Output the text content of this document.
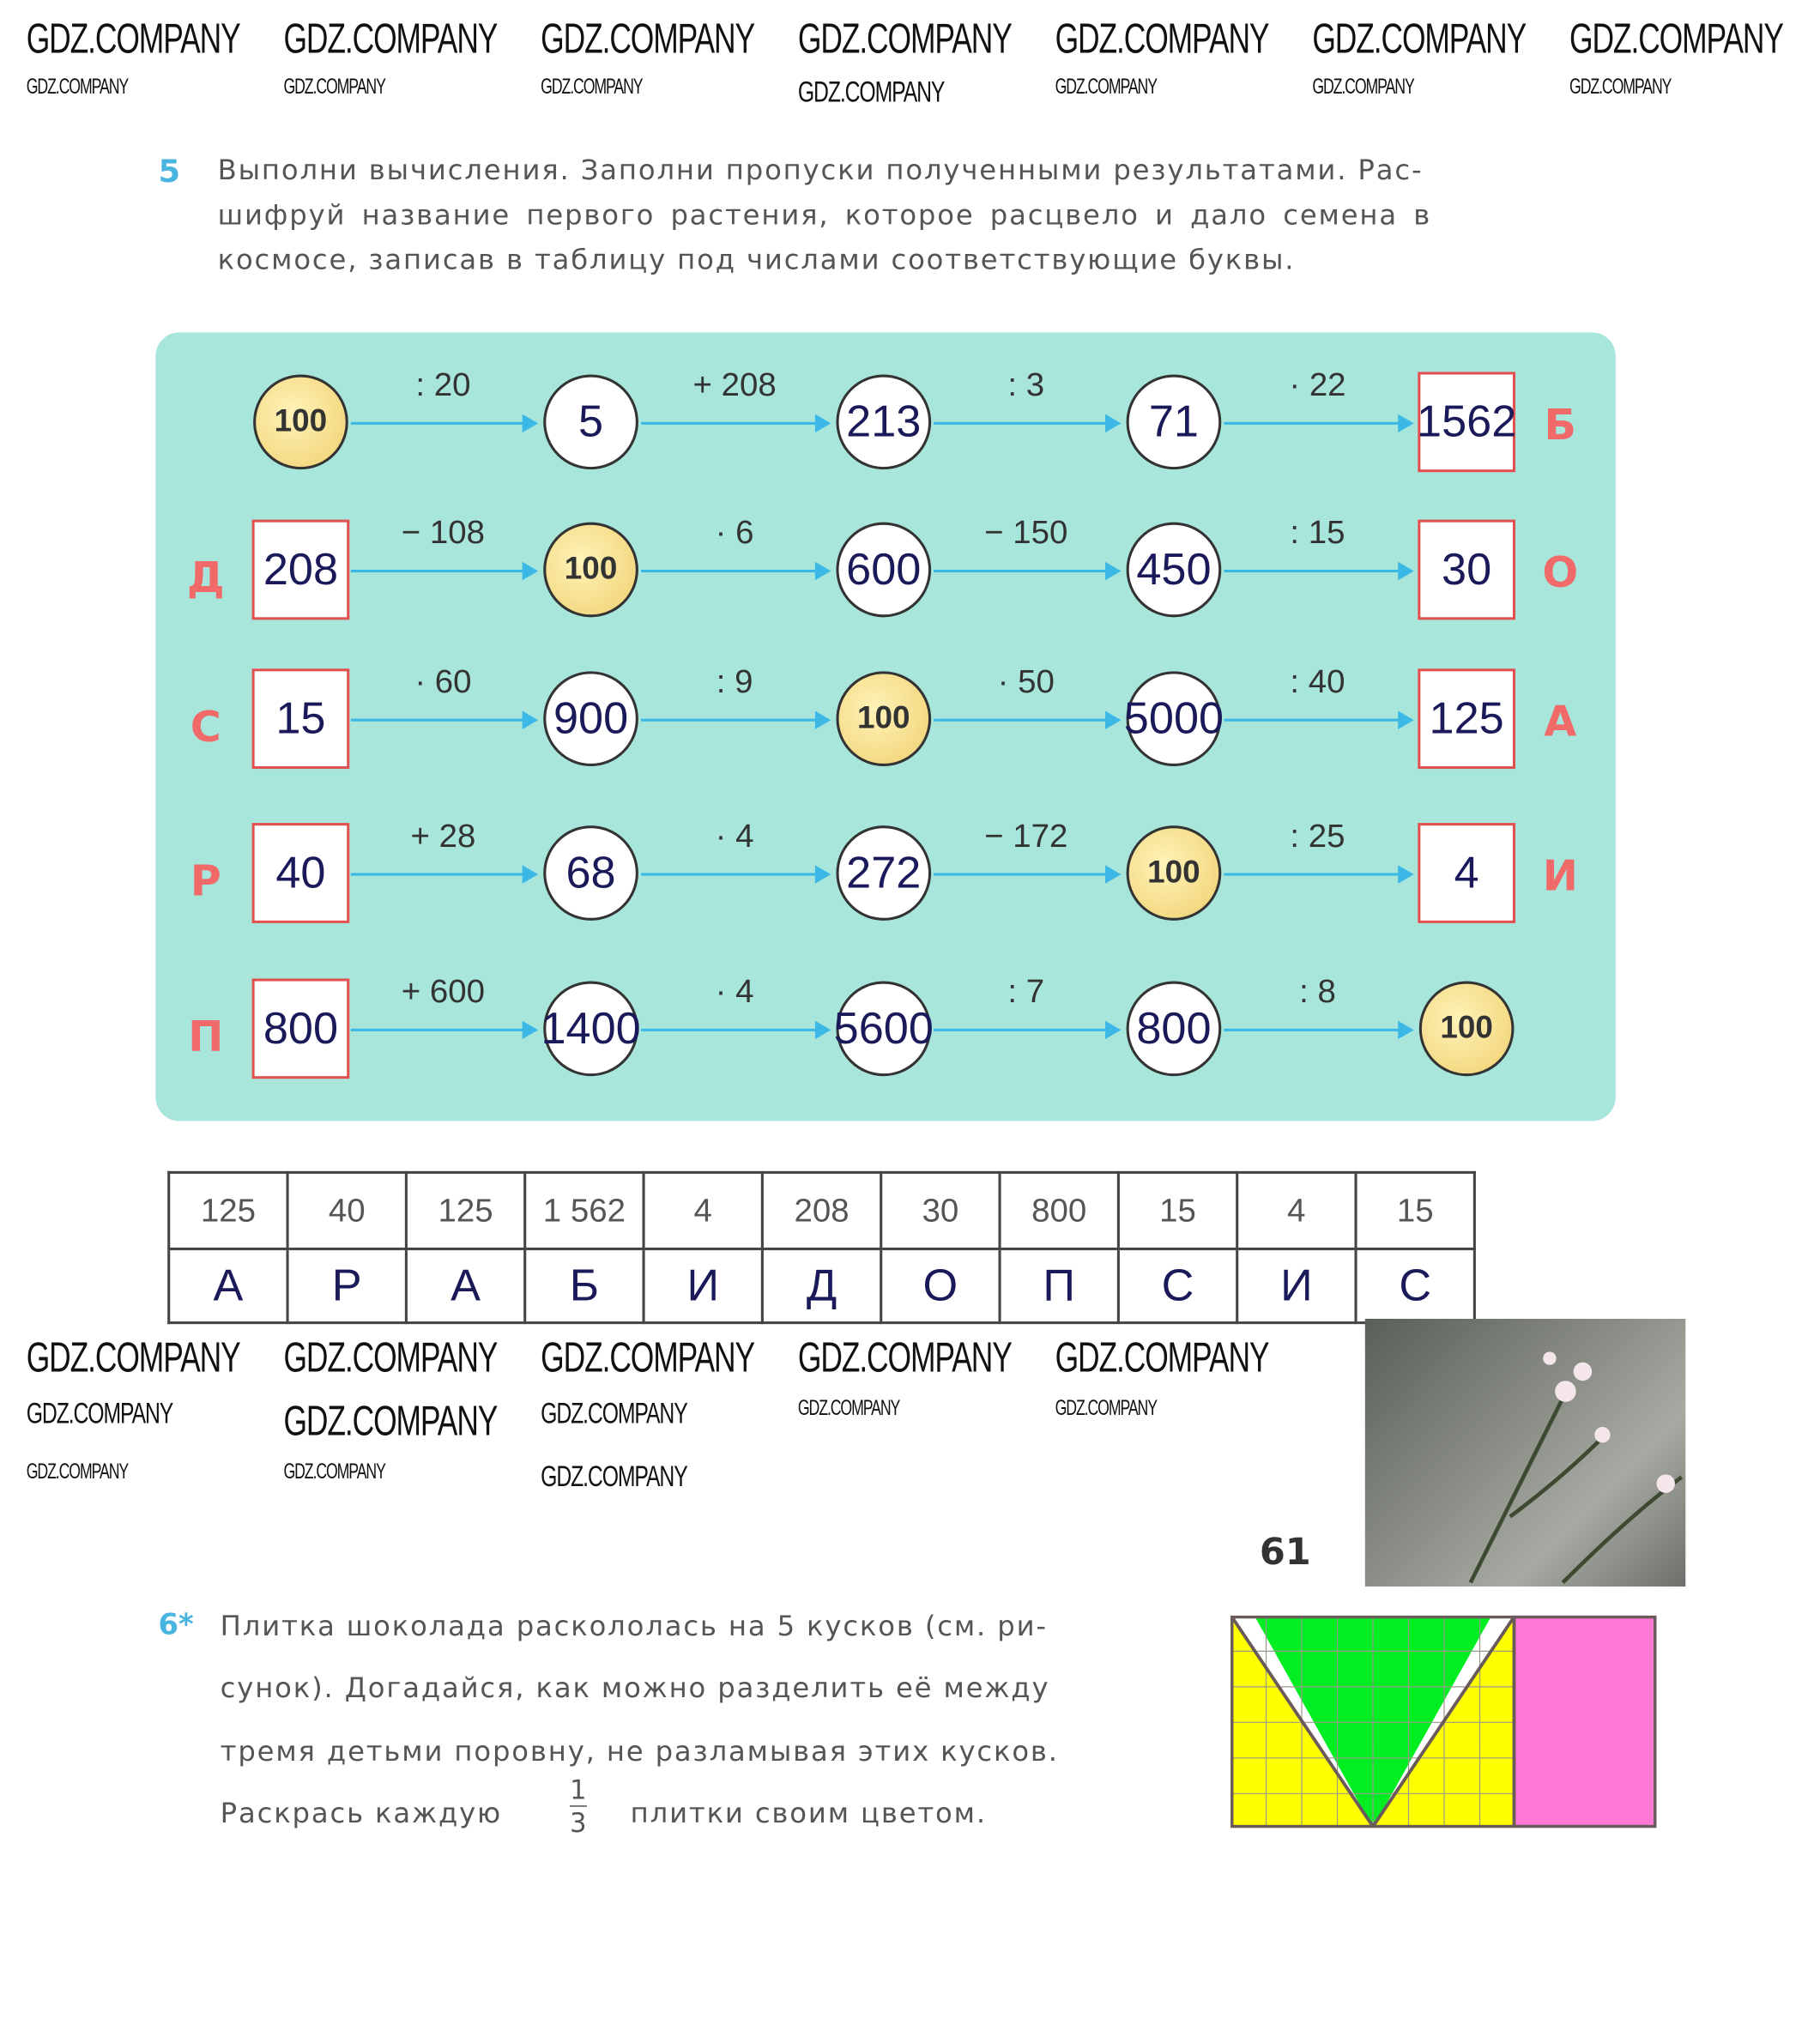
5 Выполни вычисления. Заполни пропуски полученными результатами. Рас-
шифруй название первого растения, которое расцвело и дало семена в
космосе, записав в таблицу под числами соответствующие буквы.
: 20	+ 208	: 3	· 22
100	5	213	71	1562 Б
− 108	· 6	− 150	: 15
208	100	600	450	30
Д	О
· 60	: 9	· 50	: 40
15	900	100	5000	125
С	А
+ 28	· 4	− 172	: 25
40	68	272	100	4
Р	И
+ 600	· 4	: 7	: 8
800	1400	5600	800	100
П
125	40	125	1 562	4	208	30	800	15	4	15
А	Р	А	Б	И	Д	О	П	С	И	С
61
6* Плитка шоколада раскололась на 5 кусков (см. ри-
сунок). Догадайся, как можно разделить её между
тремя детьми поровну, не разламывая этих кусков.
Раскрась каждую	$\frac{1}{3}$ плитки своим цветом.
GDZ.COMPANY GDZ.COMPANY GDZ.COMPANY GDZ.COMPANY GDZ.COMPANY GDZ.COMPANY GDZ.COMPANY
GDZ.COMPANY	GDZ.COMPANY	GDZ.COMPANY	GDZ.COMPANY	GDZ.COMPANY	GDZ.COMPANY	GDZ.COMPANY
GDZ.COMPANY GDZ.COMPANY GDZ.COMPANY GDZ.COMPANY GDZ.COMPANY
GDZ.COMPANY	GDZ.COMPANY GDZ.COMPANY	GDZ.COMPANY	GDZ.COMPANY
GDZ.COMPANY	GDZ.COMPANY	GDZ.COMPANY
